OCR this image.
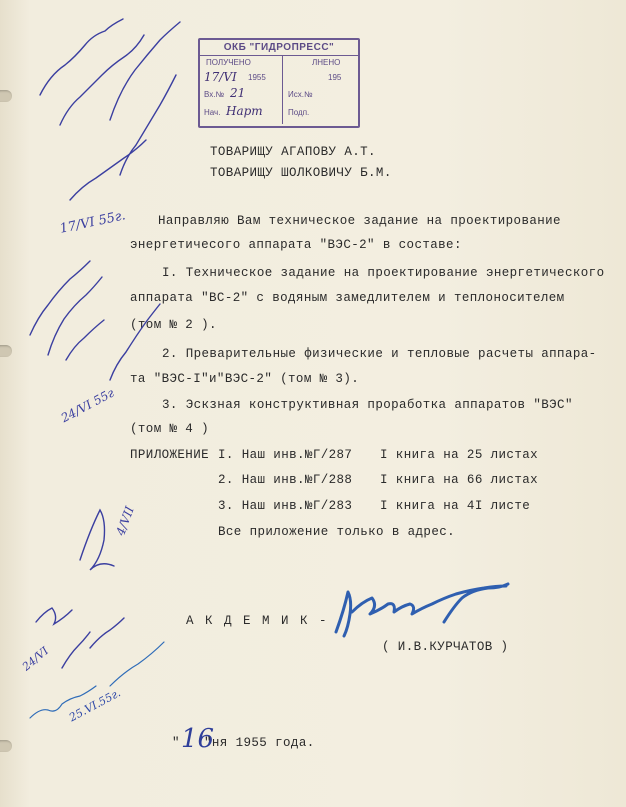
ОКБ "ГИДРОПРЕСС"
ПОЛУЧЕНО
17/VI 1955
Вх.№ 21
Нач. Нарт
ЛНЕНО
195
Исх.№
Подп.
ТОВАРИЩУ АГАПОВУ А.Т.
ТОВАРИЩУ ШОЛКОВИЧУ Б.М.
Направляю Вам техническое задание на проектирование
энергетичесого аппарата "ВЭС-2" в составе:
I. Техническое задание на проектирование энергетического
аппарата "ВС-2" с водяным замедлителем и теплоносителем
(том № 2 ).
2. Преварительные физические и тепловые расчеты аппара-
та "ВЭС-I"и"ВЭС-2" (том № 3).
3. Эскзная конструктивная проработка аппаратов "ВЭС"
(том № 4 )
ПРИЛОЖЕНИЕ I. Наш инв.№Г/287 I книга на 25 листах
2. Наш инв.№Г/288 I книга на 66 листах
3. Наш инв.№Г/283 I книга на 4I листе
Все приложение только в адрес.
А К Д Е М И К -
( И.В.КУРЧАТОВ )
" 16
"ня 1955 года.
17/VI 55г.
24/VI 55г
24/VI
4/VII
25.VI.55г.
